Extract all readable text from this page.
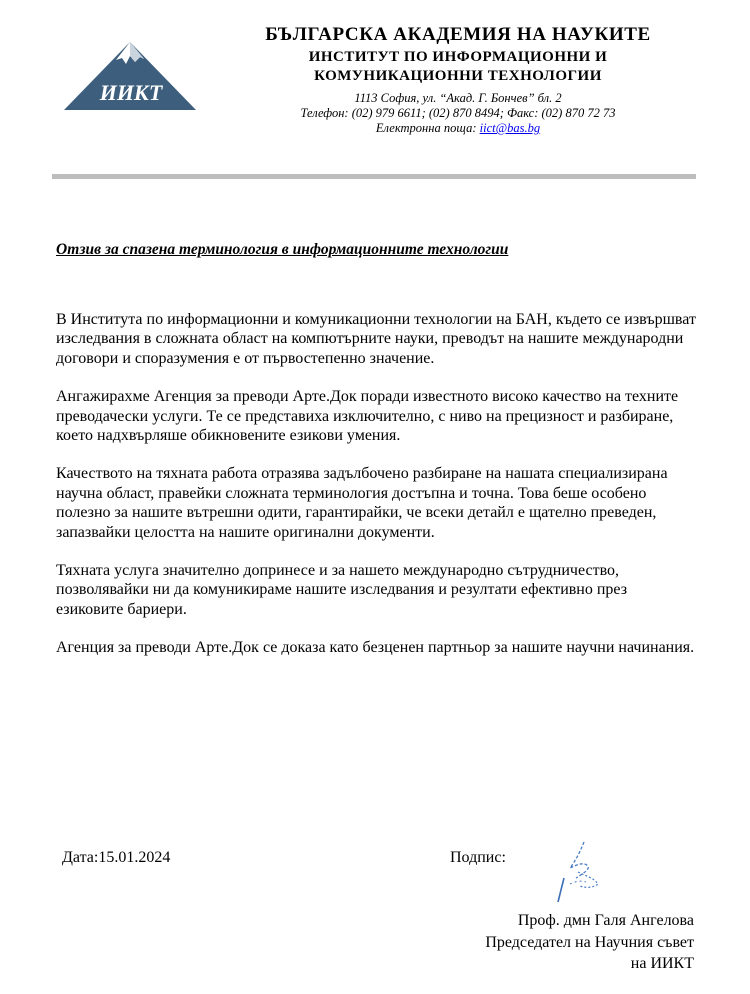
ИИКТ
БЪЛГАРСКА АКАДЕМИЯ НА НАУКИТЕ
ИНСТИТУТ ПО ИНФОРМАЦИОННИ И
КОМУНИКАЦИОННИ ТЕХНОЛОГИИ
1113 София, ул. “Акад. Г. Бончев” бл. 2
Телефон: (02) 979 6611; (02) 870 8494; Факс: (02) 870 72 73
Електронна поща: iict@bas.bg
Отзив за спазена терминология в информационните технологии

В Института по информационни и комуникационни технологии на БАН, където се извършват изследвания в сложната област на компютърните науки, преводът на нашите международни договори и споразумения е от първостепенно значение.

Ангажирахме Агенция за преводи Арте.Док поради известното високо качество на техните преводачески услуги. Те се представиха изключително, с ниво на прецизност и разбиране, което надхвърляше обикновените езикови умения.

Качеството на тяхната работа отразява задълбочено разбиране на нашата специализирана научна област, правейки сложната терминология достъпна и точна. Това беше особено полезно за нашите вътрешни одити, гарантирайки, че всеки детайл е щателно преведен, запазвайки целостта на нашите оригинални документи.

Тяхната услуга значително допринесе и за нашето международно сътрудничество, позволявайки ни да комуникираме нашите изследвания и резултати ефективно през езиковите бариери.

Агенция за преводи Арте.Док се доказа като безценен партньор за нашите научни начинания.

Дата:15.01.2024	Подпис:
Проф. дмн Галя Ангелова
Председател на Научния съвет
на ИИКТ
